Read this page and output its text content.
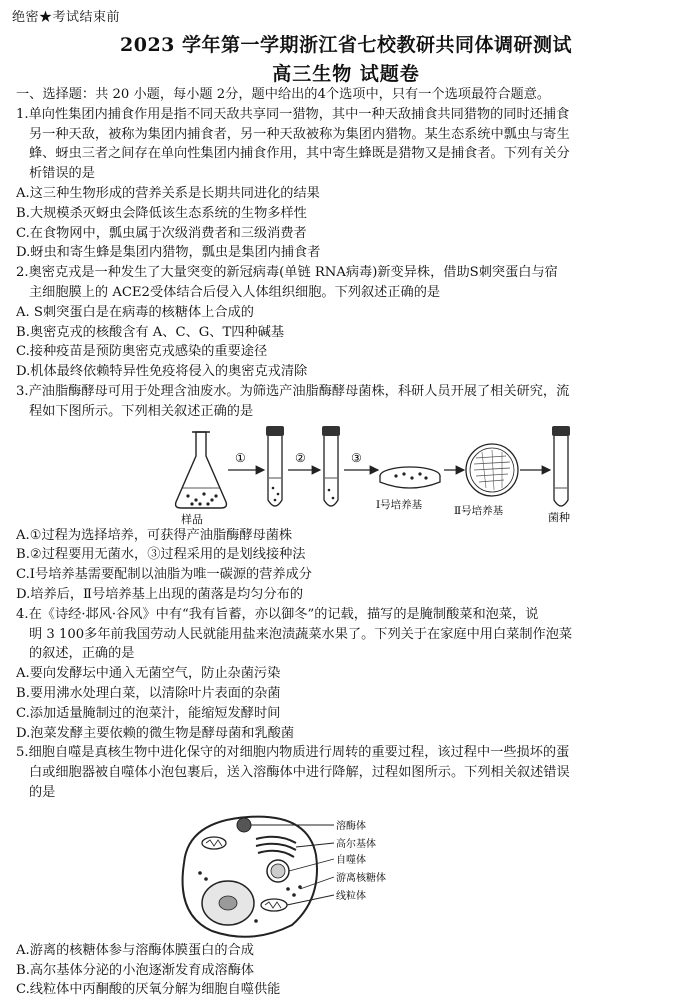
绝密★考试结束前
2023 学年第一学期浙江省七校教研共同体调研测试
高三生物 试题卷
一、选择题：共 20 小题，每小题 2分，题中给出的4个选项中，只有一个选项最符合题意。
1.单向性集团内捕食作用是指不同天敌共享同一猎物，其中一种天敌捕食共同猎物的同时还捕食
另一种天敌，被称为集团内捕食者，另一种天敌被称为集团内猎物。某生态系统中瓢虫与寄生
蜂、蚜虫三者之间存在单向性集团内捕食作用，其中寄生蜂既是猎物又是捕食者。下列有关分
析错误的是
A.这三种生物形成的营养关系是长期共同进化的结果
B.大规模杀灭蚜虫会降低该生态系统的生物多样性
C.在食物网中，瓢虫属于次级消费者和三级消费者
D.蚜虫和寄生蜂是集团内猎物，瓢虫是集团内捕食者
2.奥密克戎是一种发生了大量突变的新冠病毒(单链 RNA病毒)新变异株，借助S刺突蛋白与宿
主细胞膜上的 ACE2受体结合后侵入人体组织细胞。下列叙述正确的是
A. S刺突蛋白是在病毒的核糖体上合成的
B.奥密克戎的核酸含有 A、C、G、T四种碱基
C.接种疫苗是预防奥密克戎感染的重要途径
D.机体最终依赖特异性免疫将侵入的奥密克戎清除
3.产油脂酶酵母可用于处理含油废水。为筛选产油脂酶酵母菌株，科研人员开展了相关研究，流
程如下图所示。下列相关叙述正确的是
样品
①	②	③
Ⅰ号培养基	Ⅱ号培养基	菌种
A.①过程为选择培养，可获得产油脂酶酵母菌株
B.②过程要用无菌水，③过程采用的是划线接种法
C.Ⅰ号培养基需要配制以油脂为唯一碳源的营养成分
D.培养后，Ⅱ号培养基上出现的菌落是均匀分布的
4.在《诗经·邶风·谷风》中有“我有旨蓄，亦以御冬”的记载，描写的是腌制酸菜和泡菜，说
明 3 100多年前我国劳动人民就能用盐来泡渍蔬菜水果了。下列关于在家庭中用白菜制作泡菜
的叙述，正确的是
A.要向发酵坛中通入无菌空气，防止杂菌污染
B.要用沸水处理白菜，以清除叶片表面的杂菌
C.添加适量腌制过的泡菜汁，能缩短发酵时间
D.泡菜发酵主要依赖的微生物是酵母菌和乳酸菌
5.细胞自噬是真核生物中进化保守的对细胞内物质进行周转的重要过程，该过程中一些损坏的蛋
白或细胞器被自噬体小泡包裹后，送入溶酶体中进行降解，过程如图所示。下列相关叙述错误
的是
溶酶体
高尔基体
自噬体
游离核糖体
线粒体
A.游离的核糖体参与溶酶体膜蛋白的合成
B.高尔基体分泌的小泡逐渐发育成溶酶体
C.线粒体中丙酮酸的厌氧分解为细胞自噬供能
